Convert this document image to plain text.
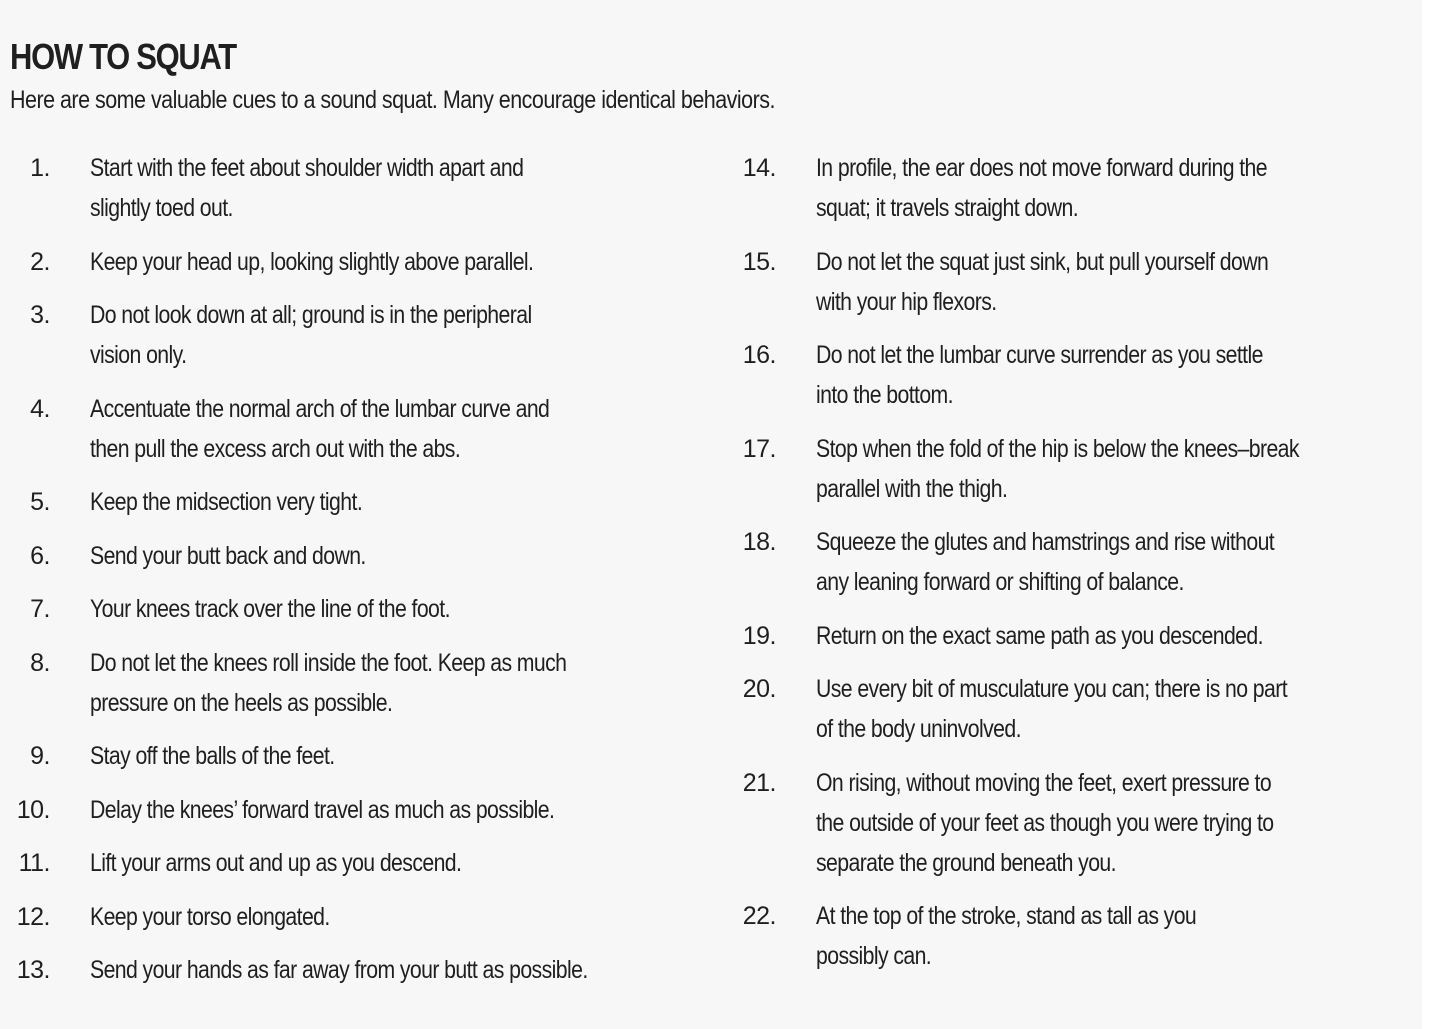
HOW TO SQUAT

Here are some valuable cues to a sound squat. Many encourage identical behaviors.

1. Start with the feet about shoulder width apart and
slightly toed out.
2. Keep your head up, looking slightly above parallel.
3. Do not look down at all; ground is in the peripheral
vision only.
4. Accentuate the normal arch of the lumbar curve and
then pull the excess arch out with the abs.
5. Keep the midsection very tight.
6. Send your butt back and down.
7. Your knees track over the line of the foot.
8. Do not let the knees roll inside the foot. Keep as much
pressure on the heels as possible.
9. Stay off the balls of the feet.
10. Delay the knees’ forward travel as much as possible.
11. Lift your arms out and up as you descend.
12. Keep your torso elongated.
13. Send your hands as far away from your butt as possible.
14. In profile, the ear does not move forward during the
squat; it travels straight down.
15. Do not let the squat just sink, but pull yourself down
with your hip flexors.
16. Do not let the lumbar curve surrender as you settle
into the bottom.
17. Stop when the fold of the hip is below the knees–break
parallel with the thigh.
18. Squeeze the glutes and hamstrings and rise without
any leaning forward or shifting of balance.
19. Return on the exact same path as you descended.
20. Use every bit of musculature you can; there is no part
of the body uninvolved.
21. On rising, without moving the feet, exert pressure to
the outside of your feet as though you were trying to
separate the ground beneath you.
22. At the top of the stroke, stand as tall as you
possibly can.
